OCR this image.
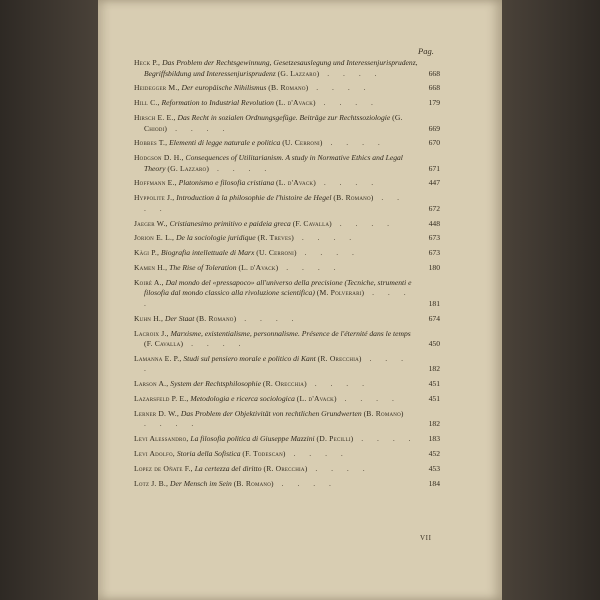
Pag.
Heck P., Das Problem der Rechtsgewinnung, Gesetzesauslegung und Interessenjurisprudenz, Begriffsbildung und Interessenjurisprudenz (G. Lazzaro) . . . .	668
Heidegger M., Der europäische Nihilismus (B. Romano) . . . .	668
Hill C., Reformation to Industrial Revolution (L. d'Avack) . . . .	179
Hirsch E. E., Das Recht in sozialen Ordnungsgefüge. Beiträge zur Rechtssoziologie (G. Chiodi) . . . .	669
Hobbes T., Elementi di legge naturale e politica (U. Cerroni) . . . .	670
Hodgson D. H., Consequences of Utilitarianism. A study in Normative Ethics and Legal Theory (G. Lazzaro) . . . .	671
Hoffmann E., Platonismo e filosofia cristiana (L. d'Avack) . . . .	447
Hyppolite J., Introduction à la philosophie de l'histoire de Hegel (B. Romano) . . . .	672
Jaeger W., Cristianesimo primitivo e paideia greca (F. Cavalla) . . . .	448
Jorion E. L., De la sociologie juridique (R. Treves) . . . .	673
Kägi P., Biografia intellettuale di Marx (U. Cerroni) . . . .	673
Kamen H., The Rise of Toleration (L. d'Avack) . . . .	180
Koiré A., Dal mondo del «pressapoco» all'universo della precisione (Tecniche, strumenti e filosofia dal mondo classico alla rivoluzione scientifica) (M. Polverari) . . . .	181
Kuhn H., Der Staat (B. Romano) . . . .	674
Lacroix J., Marxisme, existentialisme, personnalisme. Présence de l'éternité dans le temps (F. Cavalla) . . . .	450
Lamanna E. P., Studi sul pensiero morale e politico di Kant (R. Orecchia) . . . .	182
Larson A., System der Rechtsphilosophie (R. Orecchia) . . . .	451
Lazarsfeld P. E., Metodologia e ricerca sociologica (L. d'Avack) . . . .	451
Lerner D. W., Das Problem der Objektivität von rechtlichen Grundwerten (B. Romano) . . . .	182
Levi Alessandro, La filosofia politica di Giuseppe Mazzini (D. Pecilli) . . . . 183
Levi Adolfo, Storia della Sofistica (F. Todescan) . . . .	452
Lopez de Oñate F., La certezza del diritto (R. Orecchia) . . . .	453
Lotz J. B., Der Mensch im Sein (B. Romano) . . . .	184
VII
